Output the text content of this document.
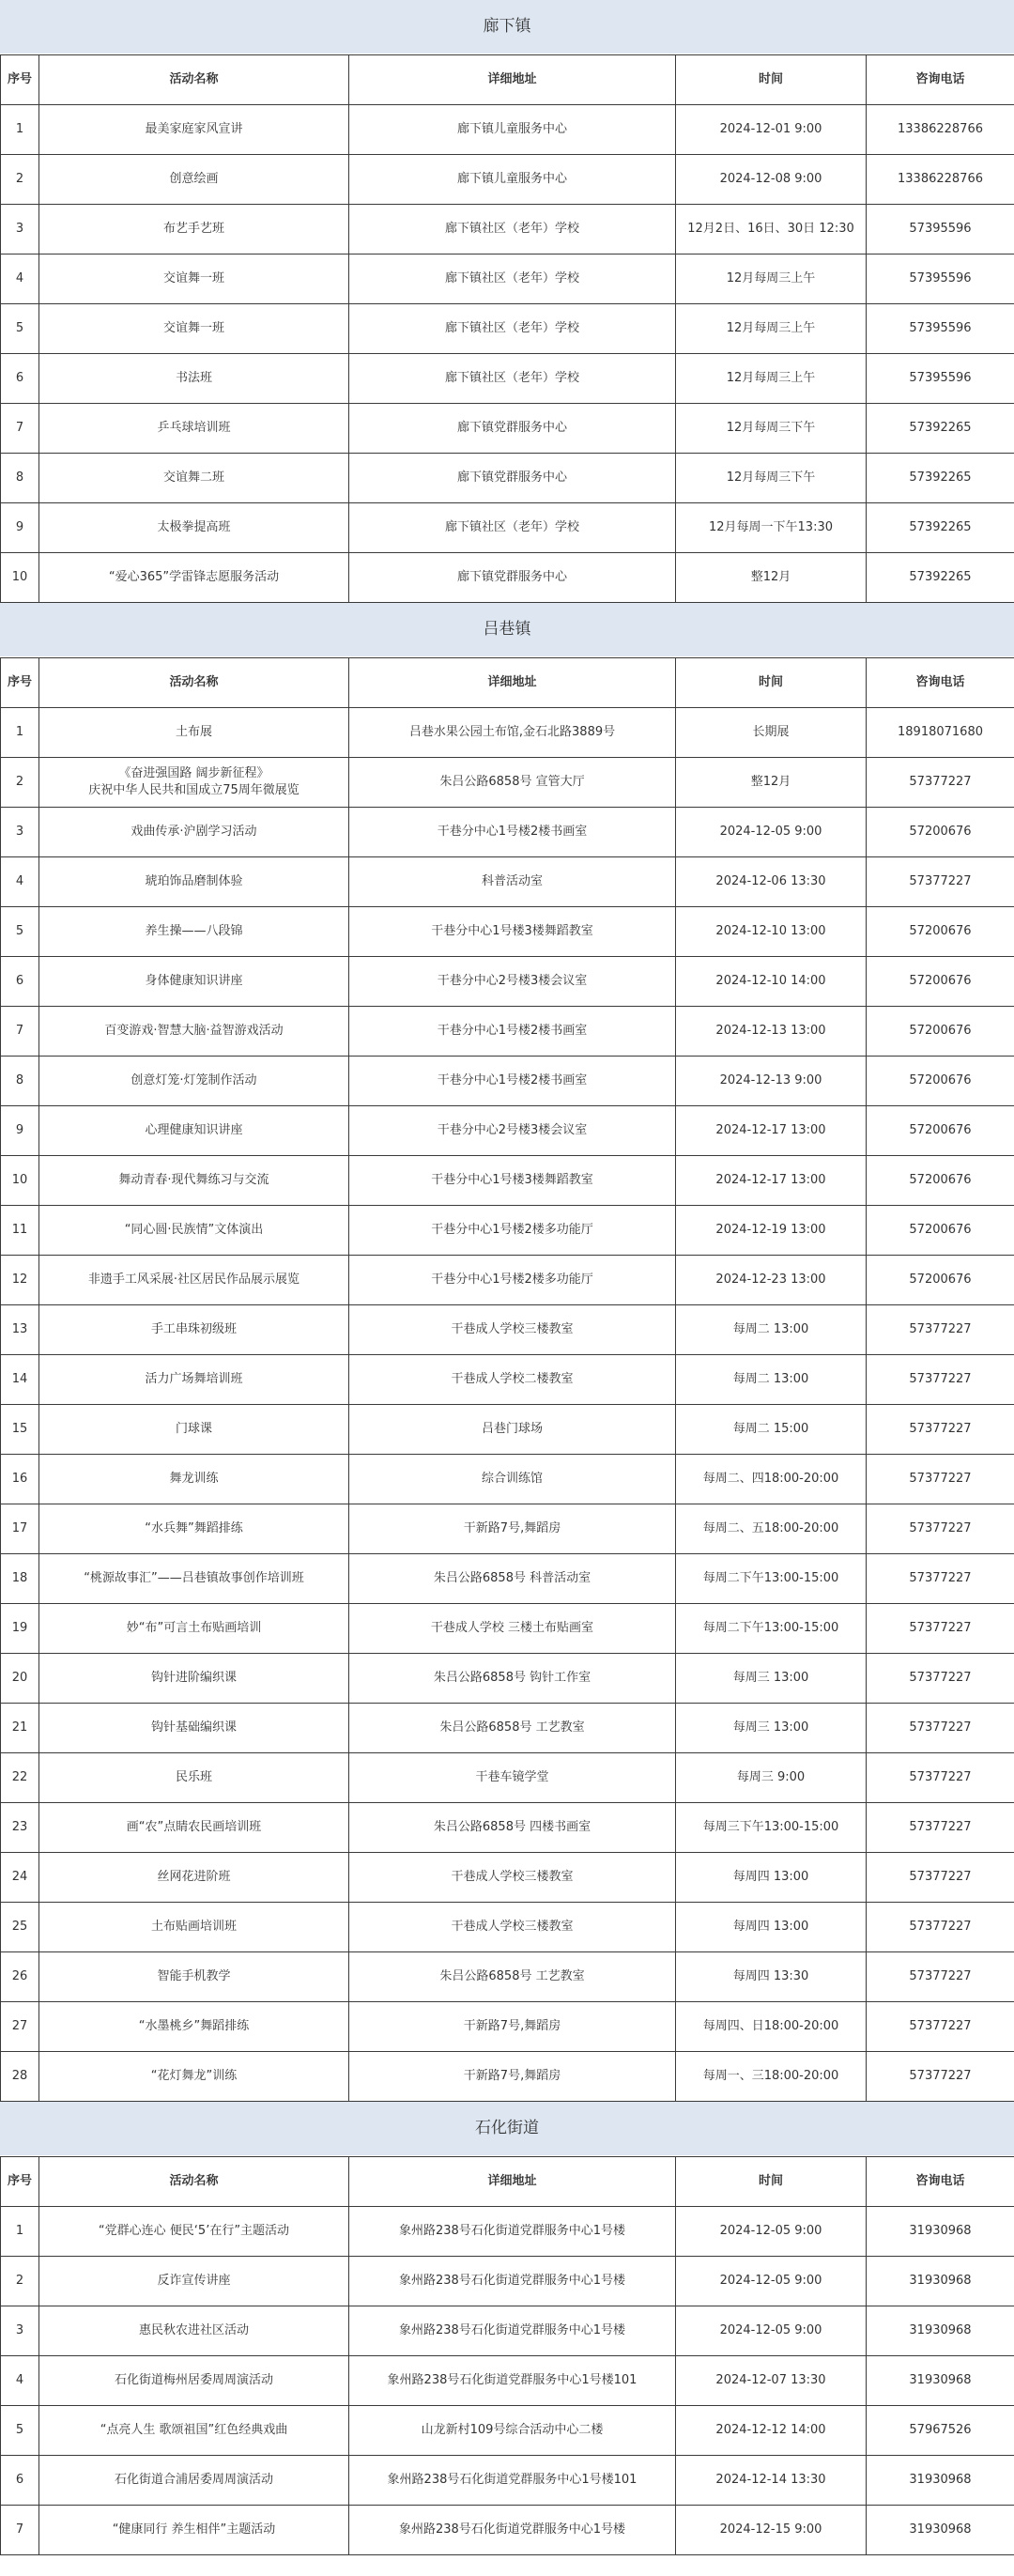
廊下镇
序号	活动名称	详细地址	时间	咨询电话
1	最美家庭家风宣讲	廊下镇儿童服务中心	2024-12-01 9:00	13386228766
2	创意绘画	廊下镇儿童服务中心	2024-12-08 9:00	13386228766
3	布艺手艺班	廊下镇社区（老年）学校	12月2日、16日、30日 12:30	57395596
4	交谊舞一班	廊下镇社区（老年）学校	12月每周三上午	57395596
5	交谊舞一班	廊下镇社区（老年）学校	12月每周三上午	57395596
6	书法班	廊下镇社区（老年）学校	12月每周三上午	57395596
7	乒乓球培训班	廊下镇党群服务中心	12月每周三下午	57392265
8	交谊舞二班	廊下镇党群服务中心	12月每周三下午	57392265
9	太极拳提高班	廊下镇社区（老年）学校	12月每周一下午13:30	57392265
10	“爱心365”学雷锋志愿服务活动	廊下镇党群服务中心	整12月	57392265
吕巷镇
序号	活动名称	详细地址	时间	咨询电话
1	土布展	吕巷水果公园土布馆,金石北路3889号	长期展	18918071680
2	《奋进强国路 阔步新征程》
庆祝中华人民共和国成立75周年微展览	朱吕公路6858号 宣管大厅	整12月	57377227
3	戏曲传承·沪剧学习活动	干巷分中心1号楼2楼书画室	2024-12-05 9:00	57200676
4	琥珀饰品磨制体验	科普活动室	2024-12-06 13:30	57377227
5	养生操——八段锦	干巷分中心1号楼3楼舞蹈教室	2024-12-10 13:00	57200676
6	身体健康知识讲座	干巷分中心2号楼3楼会议室	2024-12-10 14:00	57200676
7	百变游戏·智慧大脑·益智游戏活动	干巷分中心1号楼2楼书画室	2024-12-13 13:00	57200676
8	创意灯笼·灯笼制作活动	干巷分中心1号楼2楼书画室	2024-12-13 9:00	57200676
9	心理健康知识讲座	干巷分中心2号楼3楼会议室	2024-12-17 13:00	57200676
10	舞动青春·现代舞练习与交流	干巷分中心1号楼3楼舞蹈教室	2024-12-17 13:00	57200676
11	“同心圆·民族情”文体演出	干巷分中心1号楼2楼多功能厅	2024-12-19 13:00	57200676
12	非遗手工风采展·社区居民作品展示展览	干巷分中心1号楼2楼多功能厅	2024-12-23 13:00	57200676
13	手工串珠初级班	干巷成人学校三楼教室	每周二 13:00	57377227
14	活力广场舞培训班	干巷成人学校二楼教室	每周二 13:00	57377227
15	门球课	吕巷门球场	每周二 15:00	57377227
16	舞龙训练	综合训练馆	每周二、四18:00-20:00	57377227
17	“水兵舞”舞蹈排练	干新路7号,舞蹈房	每周二、五18:00-20:00	57377227
18	“桃源故事汇”——吕巷镇故事创作培训班	朱吕公路6858号 科普活动室	每周二下午13:00-15:00	57377227
19	妙“布”可言土布贴画培训	干巷成人学校 三楼土布贴画室	每周二下午13:00-15:00	57377227
20	钩针进阶编织课	朱吕公路6858号 钩针工作室	每周三 13:00	57377227
21	钩针基础编织课	朱吕公路6858号 工艺教室	每周三 13:00	57377227
22	民乐班	干巷车镜学堂	每周三 9:00	57377227
23	画“农”点睛农民画培训班	朱吕公路6858号 四楼书画室	每周三下午13:00-15:00	57377227
24	丝网花进阶班	干巷成人学校三楼教室	每周四 13:00	57377227
25	土布贴画培训班	干巷成人学校三楼教室	每周四 13:00	57377227
26	智能手机教学	朱吕公路6858号 工艺教室	每周四 13:30	57377227
27	“水墨桃乡”舞蹈排练	干新路7号,舞蹈房	每周四、日18:00-20:00	57377227
28	“花灯舞龙”训练	干新路7号,舞蹈房	每周一、三18:00-20:00	57377227
石化街道
序号	活动名称	详细地址	时间	咨询电话
1	“党群心连心 便民‘5’在行”主题活动	象州路238号石化街道党群服务中心1号楼	2024-12-05 9:00	31930968
2	反诈宣传讲座	象州路238号石化街道党群服务中心1号楼	2024-12-05 9:00	31930968
3	惠民秋农进社区活动	象州路238号石化街道党群服务中心1号楼	2024-12-05 9:00	31930968
4	石化街道梅州居委周周演活动	象州路238号石化街道党群服务中心1号楼101	2024-12-07 13:30	31930968
5	“点亮人生 歌颂祖国”红色经典戏曲	山龙新村109号综合活动中心二楼	2024-12-12 14:00	57967526
6	石化街道合浦居委周周演活动	象州路238号石化街道党群服务中心1号楼101	2024-12-14 13:30	31930968
7	“健康同行 养生相伴”主题活动	象州路238号石化街道党群服务中心1号楼	2024-12-15 9:00	31930968
